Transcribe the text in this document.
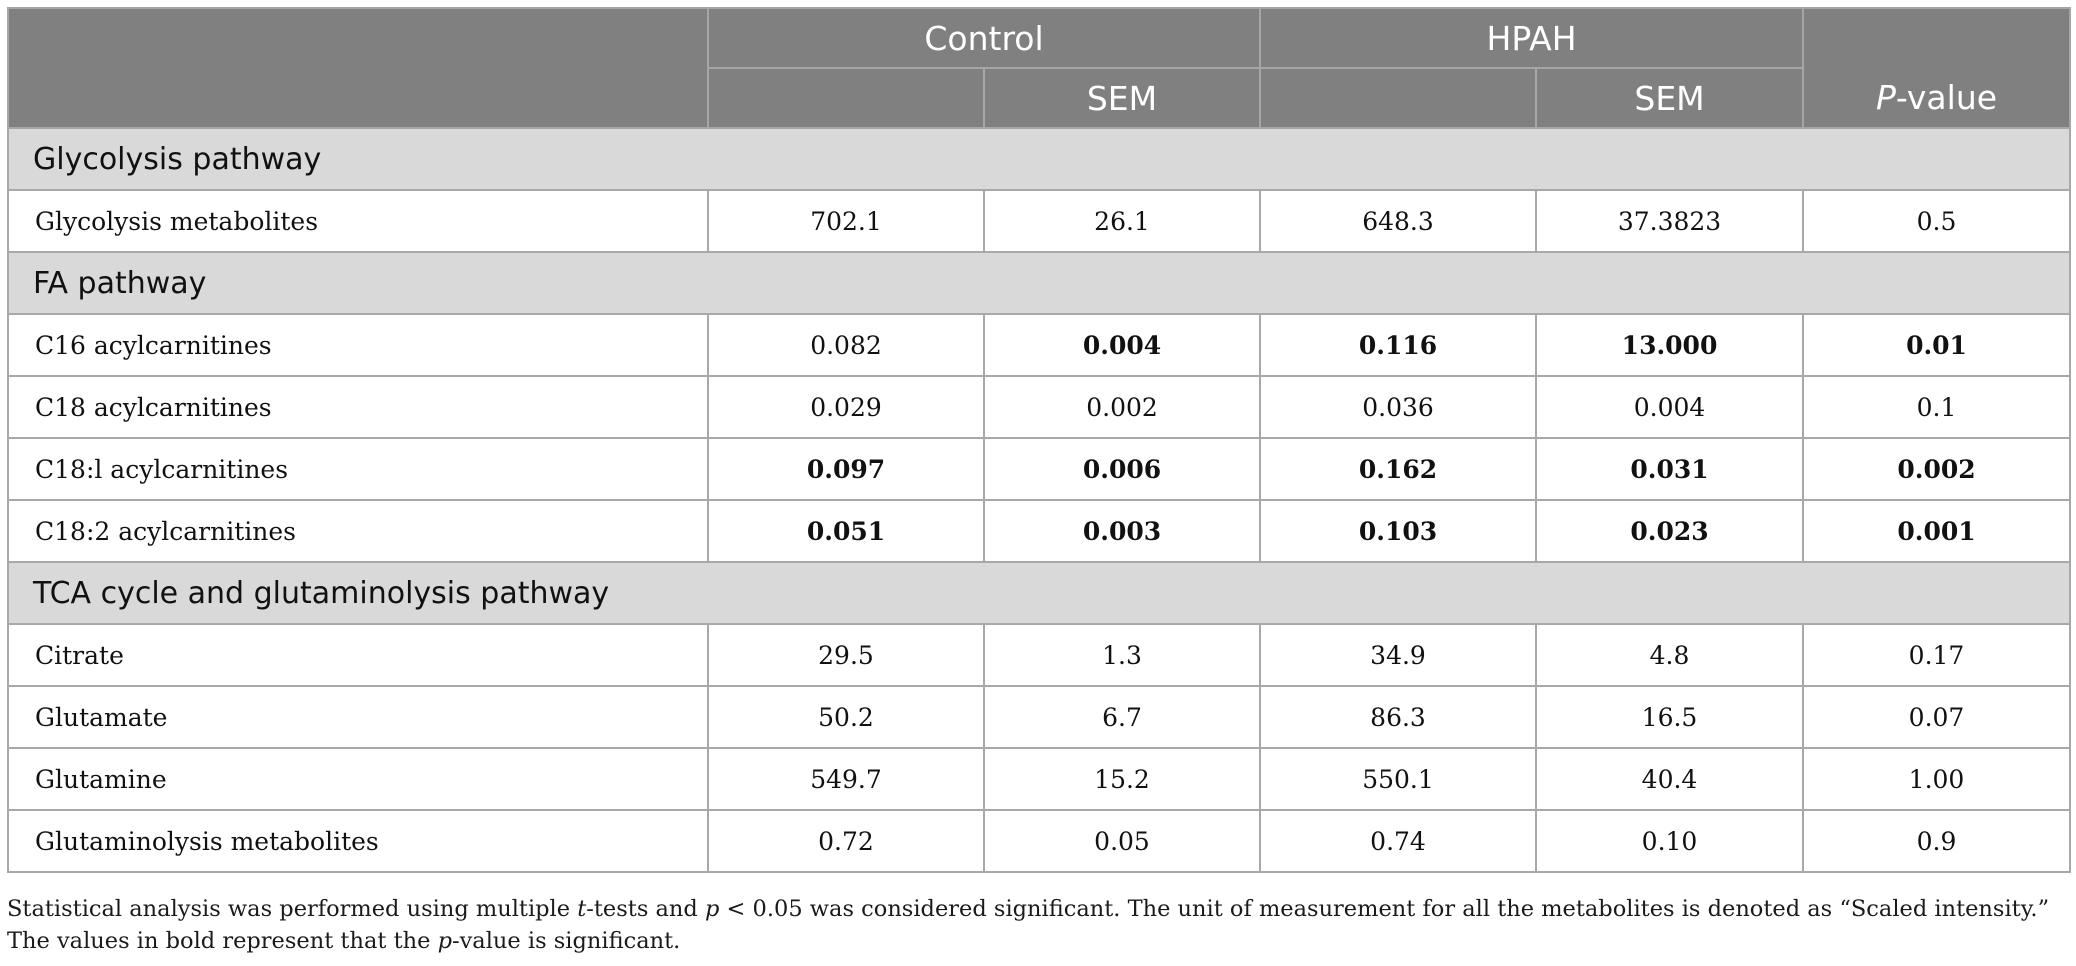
	Control		HPAH		P-value
		SEM		SEM	
Glycolysis pathway					
Glycolysis metabolites	702.1	26.1	648.3	37.3823	0.5
FA pathway					
C16 acylcarnitines	0.082	0.004	0.116	13.000	0.01
C18 acylcarnitines	0.029	0.002	0.036	0.004	0.1
C18:l acylcarnitines	0.097	0.006	0.162	0.031	0.002
C18:2 acylcarnitines	0.051	0.003	0.103	0.023	0.001
TCA cycle and glutaminolysis pathway					
Citrate	29.5	1.3	34.9	4.8	0.17
Glutamate	50.2	6.7	86.3	16.5	0.07
Glutamine	549.7	15.2	550.1	40.4	1.00
Glutaminolysis metabolites	0.72	0.05	0.74	0.10	0.9

Statistical analysis was performed using multiple t-tests and p < 0.05 was considered significant. The unit of measurement for all the metabolites is denoted as “Scaled intensity.” The values in bold represent that the p-value is significant.
